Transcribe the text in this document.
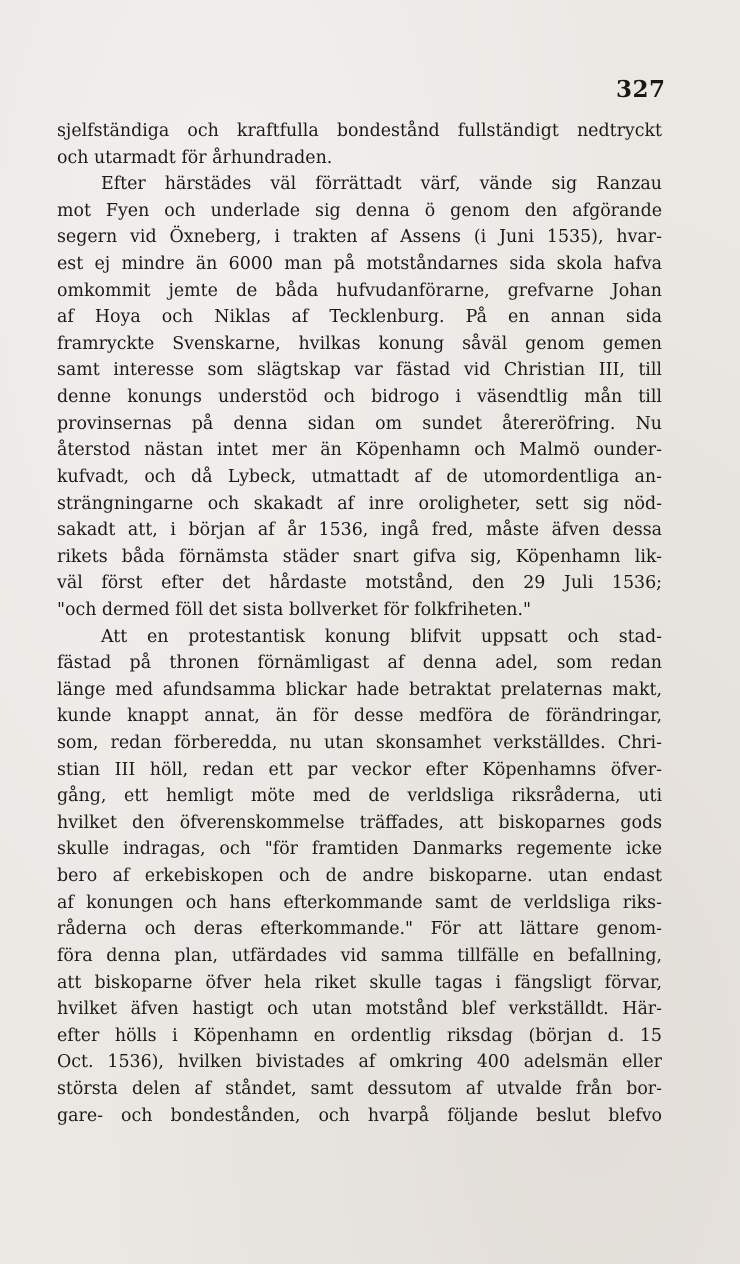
327
sjelfständiga och kraftfulla bondestånd fullständigt nedtryckt
och utarmadt för århundraden.
Efter härstädes väl förrättadt värf, vände sig Ranzau
mot Fyen och underlade sig denna ö genom den afgörande
segern vid Öxneberg, i trakten af Assens (i Juni 1535), hvar-
est ej mindre än 6000 man på motståndarnes sida skola hafva
omkommit jemte de båda hufvudanförarne, grefvarne Johan
af Hoya och Niklas af Tecklenburg. På en annan sida
framryckte Svenskarne, hvilkas konung såväl genom gemen
samt interesse som slägtskap var fästad vid Christian III, till
denne konungs understöd och bidrogo i väsendtlig mån till
provinsernas på denna sidan om sundet återeröfring. Nu
återstod nästan intet mer än Köpenhamn och Malmö ounder-
kufvadt, och då Lybeck, utmattadt af de utomordentliga an-
strängningarne och skakadt af inre oroligheter, sett sig nöd-
sakadt att, i början af år 1536, ingå fred, måste äfven dessa
rikets båda förnämsta städer snart gifva sig, Köpenhamn lik-
väl först efter det hårdaste motstånd, den 29 Juli 1536;
"och dermed föll det sista bollverket för folkfriheten."
Att en protestantisk konung blifvit uppsatt och stad-
fästad på thronen förnämligast af denna adel, som redan
länge med afundsamma blickar hade betraktat prelaternas makt,
kunde knappt annat, än för desse medföra de förändringar,
som, redan förberedda, nu utan skonsamhet verkställdes. Chri-
stian III höll, redan ett par veckor efter Köpenhamns öfver-
gång, ett hemligt möte med de verldsliga riksråderna, uti
hvilket den öfverenskommelse träffades, att biskoparnes gods
skulle indragas, och "för framtiden Danmarks regemente icke
bero af erkebiskopen och de andre biskoparne. utan endast
af konungen och hans efterkommande samt de verldsliga riks-
råderna och deras efterkommande." För att lättare genom-
föra denna plan, utfärdades vid samma tillfälle en befallning,
att biskoparne öfver hela riket skulle tagas i fängsligt förvar,
hvilket äfven hastigt och utan motstånd blef verkställdt. Här-
efter hölls i Köpenhamn en ordentlig riksdag (början d. 15
Oct. 1536), hvilken bivistades af omkring 400 adelsmän eller
största delen af ståndet, samt dessutom af utvalde från bor-
gare- och bondestånden, och hvarpå följande beslut blefvo
